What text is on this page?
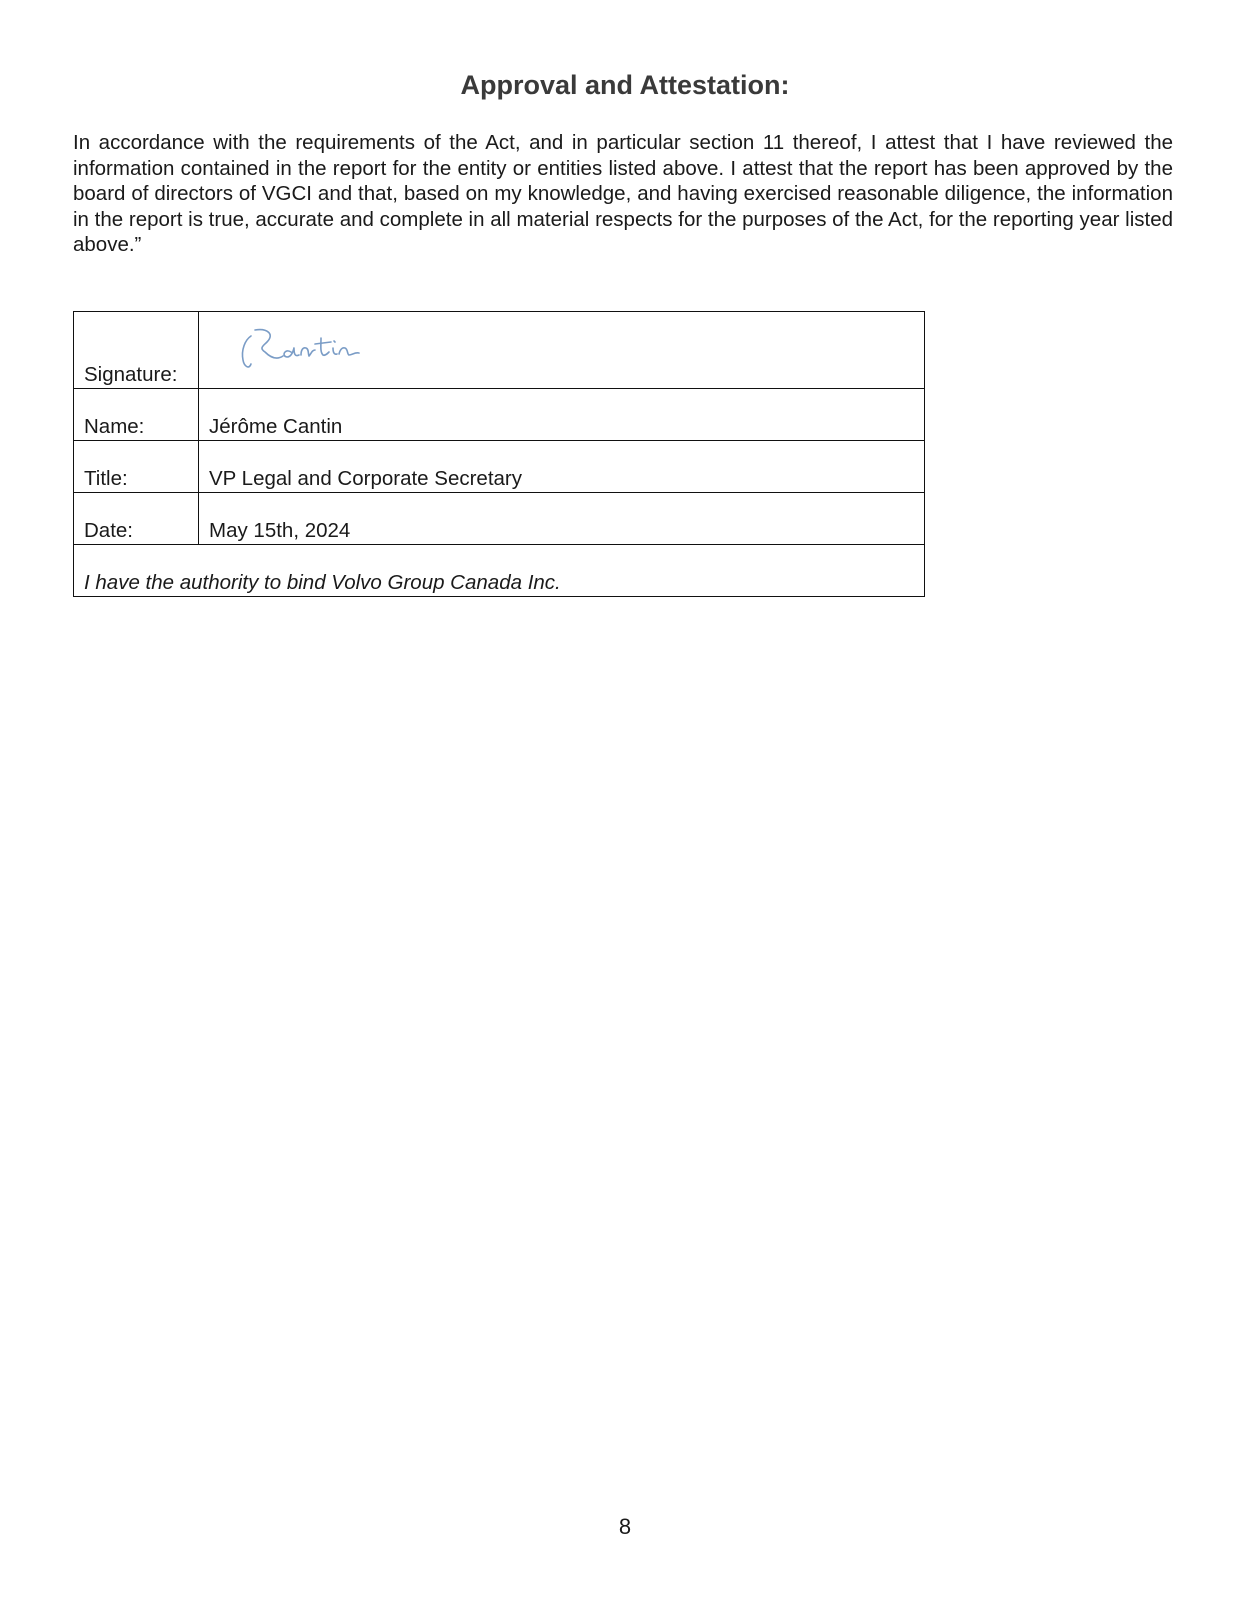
Approval and Attestation:

In accordance with the requirements of the Act, and in particular section 11 thereof, I attest that I have reviewed the information contained in the report for the entity or entities listed above. I attest that the report has been approved by the board of directors of VGCI and that, based on my knowledge, and having exercised reasonable diligence, the information in the report is true, accurate and complete in all material respects for the purposes of the Act, for the reporting year listed above.”

Signature:	

Name:	Jérôme Cantin
Title:	VP Legal and Corporate Secretary
Date:	May 15th, 2024
I have the authority to bind Volvo Group Canada Inc.	

8
